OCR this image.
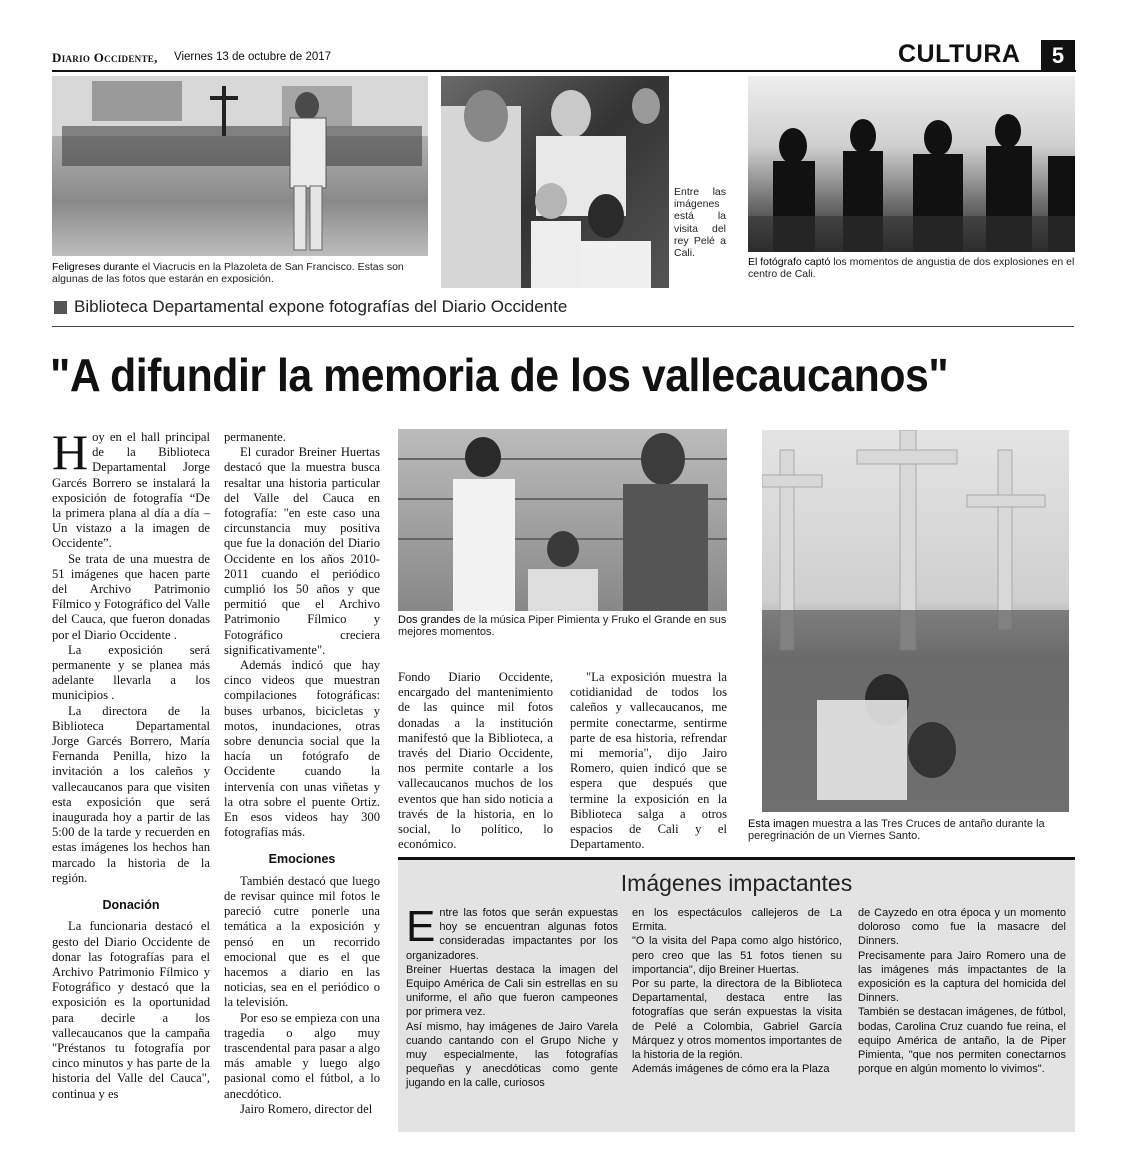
Diario Occidente, Viernes 13 de octubre de 2017	CULTURA	5
Feligreses durante el Viacrucis en la Plazoleta de San Francisco. Estas son algunas de las fotos que estarán en exposición.
Entre las imágenes está la visita del rey Pelé a Cali.
El fotógrafo captó los momentos de angustia de dos explosiones en el centro de Cali.
Biblioteca Departamental expone fotografías del Diario Occidente
"A difundir la memoria de los vallecaucanos"
H oy en el hall principal de la Biblioteca Departamental Jorge Garcés Borrero se instalará la exposición de fotografía “De la primera plana al día a día – Un vistazo a la imagen de Occidente”.

Se trata de una muestra de 51 imágenes que hacen parte del Archivo Patrimonio Fílmico y Fotográfico del Valle del Cauca, que fueron donadas por el Diario Occidente .

La exposición será permanente y se planea más adelante llevarla a los municipios .

La directora de la Biblioteca Departamental Jorge Garcés Borrero, María Fernanda Penilla, hizo la invitación a los caleños y vallecaucanos para que visiten esta exposición que será inaugurada hoy a partir de las 5:00 de la tarde y recuerden en estas imágenes los hechos han marcado la historia de la región.

Donación

La funcionaria destacó el gesto del Diario Occidente de donar las fotografías para el Archivo Patrimonio Fílmico y Fotográfico y destacó que la exposición es la oportunidad para decirle a los vallecaucanos que la campaña "Préstanos tu fotografía por cinco minutos y has parte de la historia del Valle del Cauca", continua y es

permanente.

El curador Breiner Huertas destacó que la muestra busca resaltar una historia particular del Valle del Cauca en fotografía: "en este caso una circunstancia muy positiva que fue la donación del Diario Occidente en los años 2010-2011 cuando el periódico cumplió los 50 años y que permitió que el Archivo Patrimonio Fílmico y Fotográfico creciera significativamente".

Además indicó que hay cinco videos que muestran compilaciones fotográficas: buses urbanos, bicicletas y motos, inundaciones, otras sobre denuncia social que la hacía un fotógrafo de Occidente cuando la intervenía con unas viñetas y la otra sobre el puente Ortiz. En esos videos hay 300 fotografías más.

Emociones

También destacó que luego de revisar quince mil fotos le pareció cutre ponerle una temática a la exposición y pensó en un recorrido emocional que es el que hacemos a diario en las noticias, sea en el periódico o la televisión.

Por eso se empieza con una tragedia o algo muy trascendental para pasar a algo más amable y luego algo pasional como el fútbol, a lo anecdótico.

Jairo Romero, director del

Dos grandes de la música Piper Pimienta y Fruko el Grande en sus mejores momentos.

Fondo Diario Occidente, encargado del mantenimiento de las quince mil fotos donadas a la institución manifestó que la Biblioteca, a través del Diario Occidente, nos permite contarle a los vallecaucanos muchos de los eventos que han sido noticia a través de la historia, en lo social, lo político, lo económico.

"La exposición muestra la cotidianidad de todos los caleños y vallecaucanos, me permite conectarme, sentirme parte de esa historia, refrendar mi memoria", dijo Jairo Romero, quien indicó que se espera que después que termine la exposición en la Biblioteca salga a otros espacios de Cali y el Departamento.

Esta imagen muestra a las Tres Cruces de antaño durante la peregrinación de un Viernes Santo.
Imágenes impactantes
E ntre las fotos que serán expuestas hoy se encuentran algunas fotos consideradas impactantes por los organizadores.

Breiner Huertas destaca la imagen del Equipo América de Cali sin estrellas en su uniforme, el año que fueron campeones por primera vez.

Así mismo, hay imágenes de Jairo Varela cuando cantando con el Grupo Niche y muy especialmente, las fotografías pequeñas y anecdóticas como gente jugando en la calle, curiosos

en los espectáculos callejeros de La Ermita.

"O la visita del Papa como algo histórico, pero creo que las 51 fotos tienen su importancia", dijo Breiner Huertas.

Por su parte, la directora de la Biblioteca Departamental, destaca entre las fotografías que serán expuestas la visita de Pelé a Colombia, Gabriel García Márquez y otros momentos importantes de la historia de la región.

Además imágenes de cómo era la Plaza

de Cayzedo en otra época y un momento doloroso como fue la masacre del Dinners.

Precisamente para Jairo Romero una de las imágenes más impactantes de la exposición es la captura del homicida del Dinners.

También se destacan imágenes, de fútbol, bodas, Carolina Cruz cuando fue reina, el equipo América de antaño, la de Piper Pimienta, "que nos permiten conectarnos porque en algún momento lo vivimos".
